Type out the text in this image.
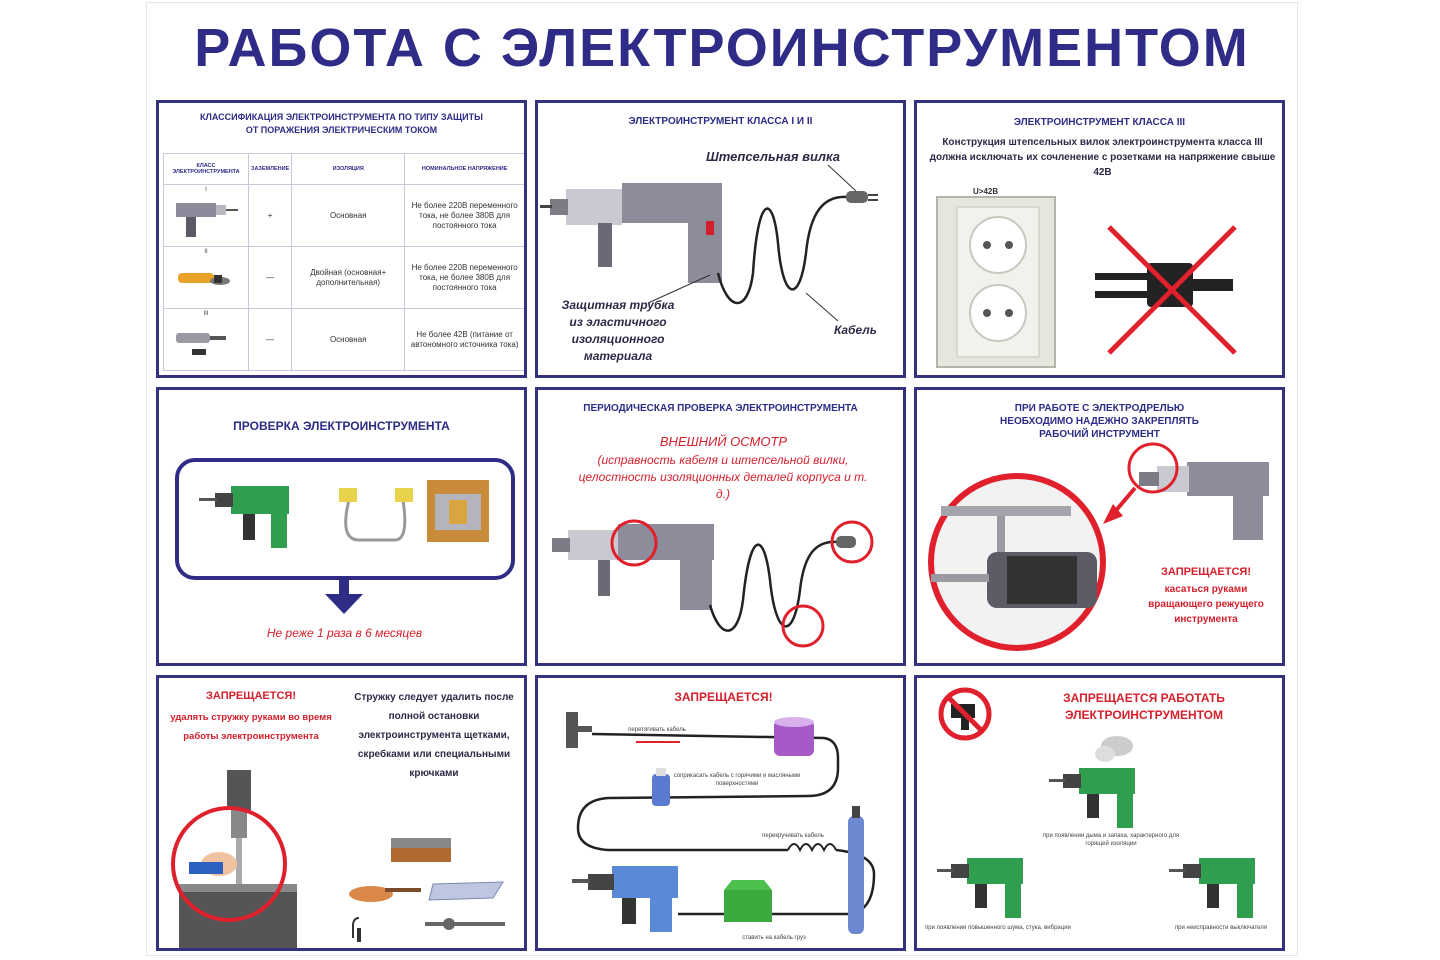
РАБОТА С ЭЛЕКТРОИНСТРУМЕНТОМ
КЛАССИФИКАЦИЯ ЭЛЕКТРОИНСТРУМЕНТА ПО ТИПУ ЗАЩИТЫ ОТ ПОРАЖЕНИЯ ЭЛЕКТРИЧЕСКИМ ТОКОМ
КЛАСС ЭЛЕКТРОИНСТРУМЕНТА	ЗАЗЕМЛЕНИЕ	ИЗОЛЯЦИЯ	НОМИНАЛЬНОЕ НАПРЯЖЕНИЕ

I	+	Основная	Не более 220В переменного тока, не более 380В для постоянного тока

II	—	Двойная (основная+ дополнительная)	Не более 220В переменного тока, не более 380В для постоянного тока

III	—	Основная	Не более 42В (питание от автономного источника тока)
ЭЛЕКТРОИНСТРУМЕНТ КЛАССА I И II
Штепсельная вилка
Защитная трубка из эластичного изоляционного материала
Кабель
ЭЛЕКТРОИНСТРУМЕНТ КЛАССА III
Конструкция штепсельных вилок электроинструмента класса III должна исключать их сочленение с розетками на напряжение свыше 42В
U>42В
ПРОВЕРКА ЭЛЕКТРОИНСТРУМЕНТА
Не реже 1 раза в 6 месяцев
ПЕРИОДИЧЕСКАЯ ПРОВЕРКА ЭЛЕКТРОИНСТРУМЕНТА
ВНЕШНИЙ ОСМОТР
(исправность кабеля и штепсельной вилки, целостность изоляционных деталей корпуса и т. д.)
ПРИ РАБОТЕ С ЭЛЕКТРОДРЕЛЬЮ НЕОБХОДИМО НАДЕЖНО ЗАКРЕПЛЯТЬ РАБОЧИЙ ИНСТРУМЕНТ
ЗАПРЕЩАЕТСЯ!
касаться руками вращающего режущего инструмента
ЗАПРЕЩАЕТСЯ!
удалять стружку руками во время работы электроинструмента
Стружку следует удалить после полной остановки электроинструмента щетками, скребками или специальными крючками
ЗАПРЕЩАЕТСЯ!
перетягивать кабель
соприкасать кабель с горячими и масляными поверхностями
перекручивать кабель
ставить на кабель груз
ЗАПРЕЩАЕТСЯ РАБОТАТЬ ЭЛЕКТРОИНСТРУМЕНТОМ
при появлении дыма и запаха, характерного для горящей изоляции
при появлении повышенного шума, стука, вибрации	при неисправности выключателя
